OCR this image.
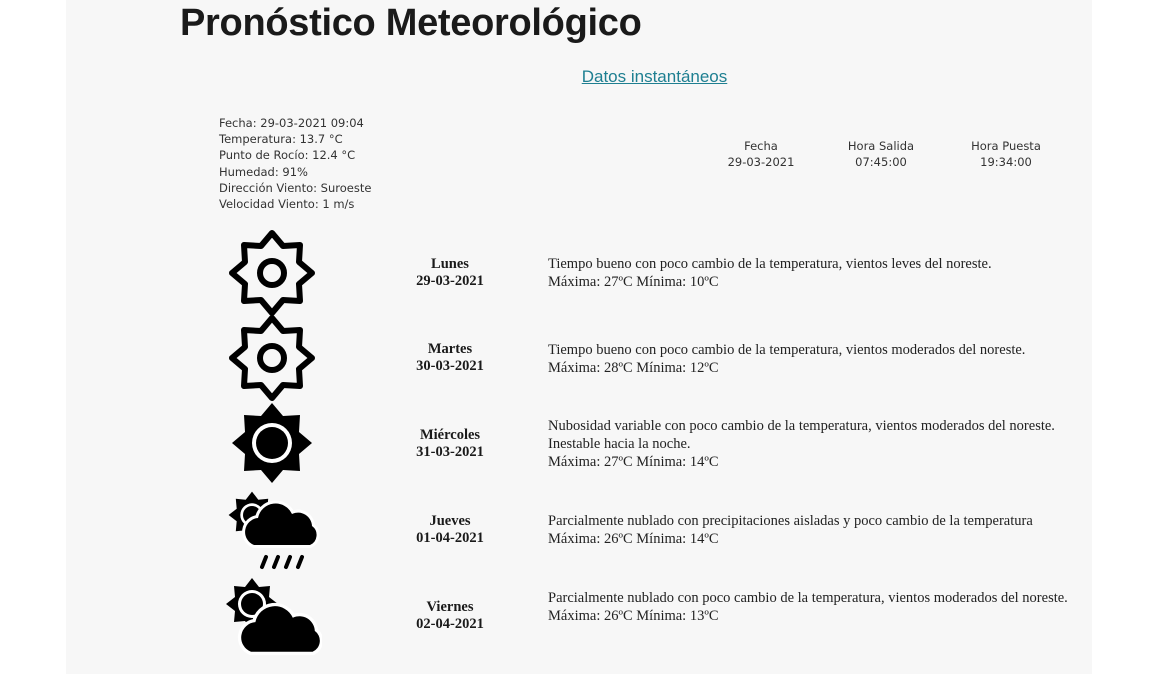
Pronóstico Meteorológico
Datos instantáneos
Fecha: 29-03-2021 09:04
Temperatura: 13.7 °C
Punto de Rocío: 12.4 °C
Humedad: 91%
Dirección Viento: Suroeste
Velocidad Viento: 1 m/s
Fecha
29-03-2021
Hora Salida
07:45:00
Hora Puesta
19:34:00
Lunes
29-03-2021
Tiempo bueno con poco cambio de la temperatura, vientos leves del noreste.
Máxima: 27ºC Mínima: 10ºC
Martes
30-03-2021
Tiempo bueno con poco cambio de la temperatura, vientos moderados del noreste.
Máxima: 28ºC Mínima: 12ºC
Miércoles
31-03-2021
Nubosidad variable con poco cambio de la temperatura, vientos moderados del noreste. Inestable hacia la noche.
Máxima: 27ºC Mínima: 14ºC
Jueves
01-04-2021
Parcialmente nublado con precipitaciones aisladas y poco cambio de la temperatura
Máxima: 26ºC Mínima: 14ºC
Viernes
02-04-2021
Parcialmente nublado con poco cambio de la temperatura, vientos moderados del noreste.
Máxima: 26ºC Mínima: 13ºC
